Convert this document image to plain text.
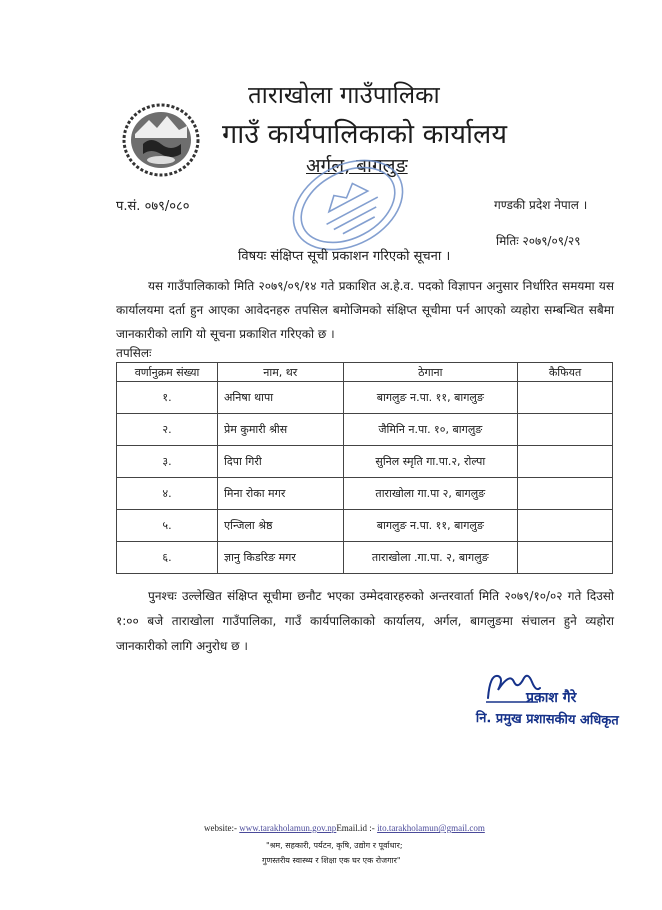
ताराखोला गाउँपालिका
गाउँ कार्यपालिकाको कार्यालय
अर्गल, बागलुङ
प.सं. ०७९/०८०	गण्डकी प्रदेश नेपाल ।
मितिः २०७९/०९/२९
विषयः संक्षिप्त सूची प्रकाशन गरिएको सूचना ।

यस गाउँपालिकाको मिति २०७९/०९/१४ गते प्रकाशित अ.हे.व. पदको विज्ञापन अनुसार निर्धारित समयमा यस कार्यालयमा दर्ता हुन आएका आवेदनहरु तपसिल बमोजिमको संक्षिप्त सूचीमा पर्न आएको व्यहोरा सम्बन्धित सबैमा जानकारीको लागि यो सूचना प्रकाशित गरिएको छ ।

तपसिलः
वर्णानुक्रम संख्या	नाम, थर	ठेगाना	कैफियत
१.	अनिषा थापा	बागलुङ न.पा. ११, बागलुङ	
२.	प्रेम कुमारी श्रीस	जैमिनि न.पा. १०, बागलुङ	
३.	दिपा गिरी	सुनिल स्मृति गा.पा.२, रोल्पा	
४.	मिना रोका मगर	ताराखोला गा.पा २, बागलुङ	
५.	एन्जिला श्रेष्ठ	बागलुङ न.पा. ११, बागलुङ	
६.	ज्ञानु किडरिङ मगर	ताराखोला .गा.पा. २, बागलुङ	

पुनश्चः उल्लेखित संक्षिप्त सूचीमा छनौट भएका उम्मेदवारहरुको अन्तरवार्ता मिति २०७९/१०/०२ गते दिउसो १:०० बजे ताराखोला गाउँपालिका, गाउँ कार्यपालिकाको कार्यालय, अर्गल, बागलुङमा संचालन हुने व्यहोरा जानकारीको लागि अनुरोध छ ।

प्रकाश गैरे
नि. प्रमुख प्रशासकीय अधिकृत
website:- www.tarakholamun.gov.npEmail.id :- ito.tarakholamun@gmail.com
"श्रम, सहकारी, पर्यटन, कृषि, उद्योग र पूर्वाधार;
गुणस्तरीय स्वास्थ्य र शिक्षा एक घर एक रोजगार"
